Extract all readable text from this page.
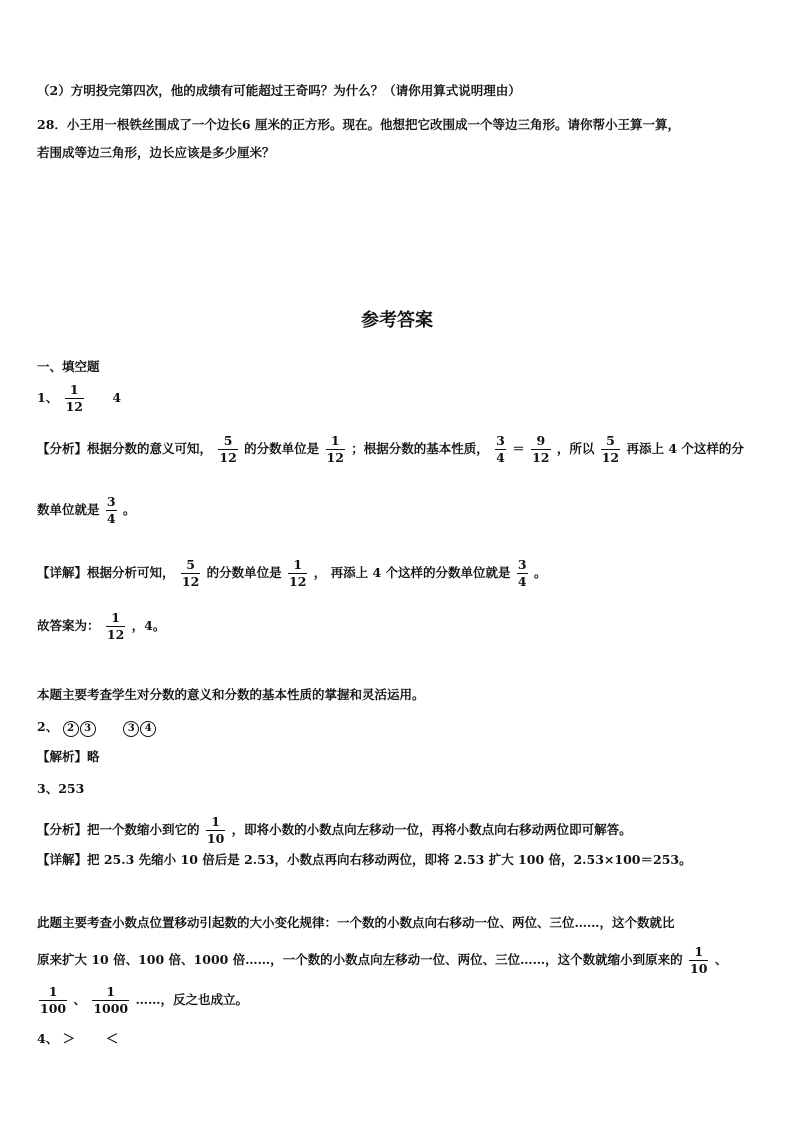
（2）方明投完第四次，他的成绩有可能超过王奇吗？为什么？（请你用算式说明理由）
28．小王用一根铁丝围成了一个边长6 厘米的正方形。现在。他想把它改围成一个等边三角形。请你帮小王算一算，
若围成等边三角形，边长应该是多少厘米？
参考答案
一、填空题
1、 $\frac{1}{12} 4$
【分析】根据分数的意义可知， $\frac{5}{12}$ 的分数单位是 $\frac{1}{12}$ ；根据分数的基本性质， $\frac{3}{4} = \frac{9}{12}$ ，所以 $\frac{5}{12}$ 再添上 4 个这样的分
数单位就是 $\frac{3}{4}$ 。
【详解】根据分析可知， $\frac{5}{12}$ 的分数单位是 $\frac{1}{12}$ ， 再添上 4 个这样的分数单位就是 $\frac{3}{4}$ 。
故答案为： $\frac{1}{12}$ ，4。
本题主要考查学生对分数的意义和分数的基本性质的掌握和灵活运用。
2、 2 3	3 4
【解析】略
3、253
【分析】把一个数缩小到它的 $\frac{1}{10}$ ，即将小数的小数点向左移动一位，再将小数点向右移动两位即可解答。
【详解】把 25.3 先缩小 10 倍后是 2.53，小数点再向右移动两位，即将 2.53 扩大 100 倍，2.53×100＝253。
此题主要考查小数点位置移动引起数的大小变化规律：一个数的小数点向右移动一位、两位、三位……，这个数就比
原来扩大 10 倍、100 倍、1000 倍……，一个数的小数点向左移动一位、两位、三位……，这个数就缩小到原来的 $\frac{1}{10}$ 、
$\frac{1}{100}$ 、 $\frac{1}{1000}$ ……，反之也成立。
4、 ＞ ＜
